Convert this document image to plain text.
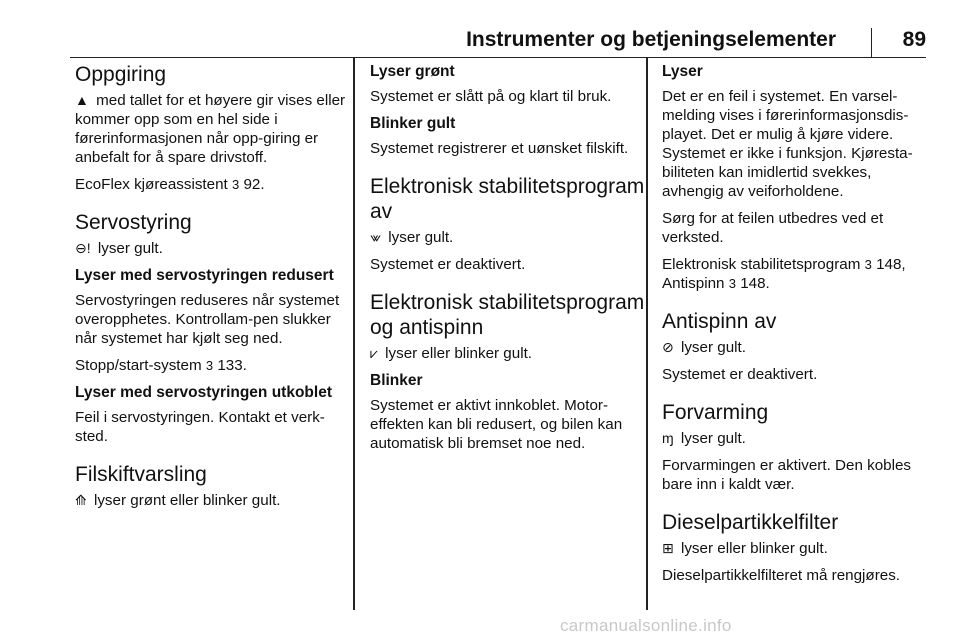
Instrumenter og betjeningselementer	89
Oppgiring

▲ med tallet for et høyere gir vises eller kommer opp som en hel side i førerinformasjonen når opp-giring er anbefalt for å spare drivstoff.

EcoFlex kjøreassistent 3 92.

Servostyring

⊖! lyser gult.

Lyser med servostyringen redusert

Servostyringen reduseres når systemet overopphetes. Kontrollam-pen slukker når systemet har kjølt seg ned.

Stopp/start-system 3 133.

Lyser med servostyringen utkoblet

Feil i servostyringen. Kontakt et verk-sted.

Filskiftvarsling

⟰ lyser grønt eller blinker gult.

Lyser grønt

Systemet er slått på og klart til bruk.

Blinker gult

Systemet registrerer et uønsket filskift.

Elektronisk stabilitetsprogram av

⩖ lyser gult.

Systemet er deaktivert.

Elektronisk stabilitetsprogram og antispinn

⩗ lyser eller blinker gult.

Blinker

Systemet er aktivt innkoblet. Motor-effekten kan bli redusert, og bilen kan automatisk bli bremset noe ned.

Lyser

Det er en feil i systemet. En varsel-melding vises i førerinformasjonsdis-playet. Det er mulig å kjøre videre. Systemet er ikke i funksjon. Kjøresta-biliteten kan imidlertid svekkes, avhengig av veiforholdene.

Sørg for at feilen utbedres ved et verksted.

Elektronisk stabilitetsprogram 3 148,
Antispinn 3 148.

Antispinn av

⊘ lyser gult.

Systemet er deaktivert.

Forvarming

ɱ lyser gult.

Forvarmingen er aktivert. Den kobles bare inn i kaldt vær.

Dieselpartikkelfilter

⊞ lyser eller blinker gult.

Dieselpartikkelfilteret må rengjøres.

carmanualsonline.info
